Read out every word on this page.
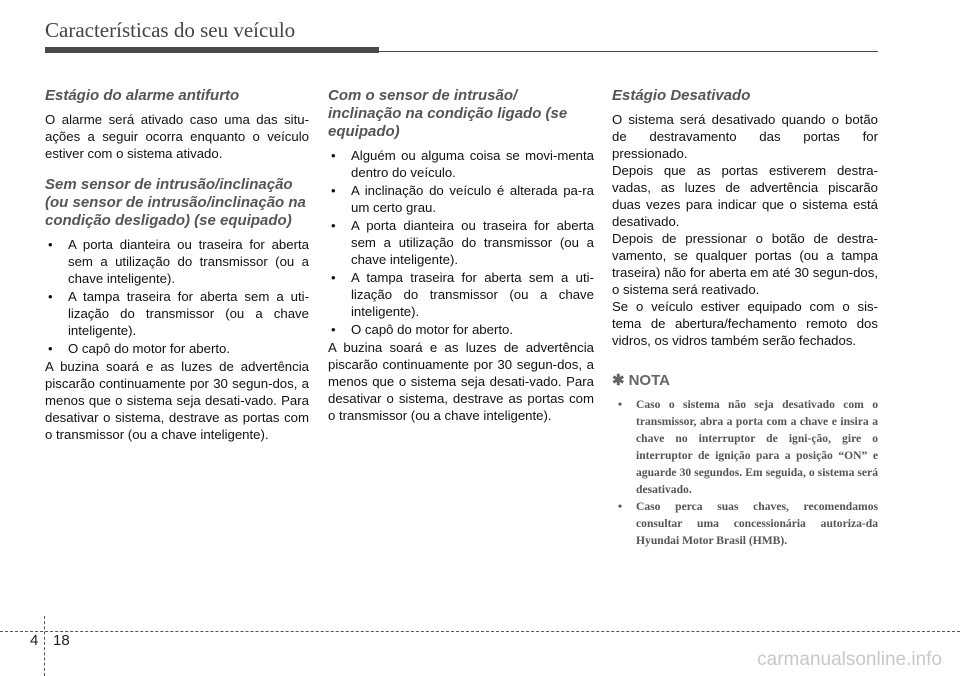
Características do seu veículo
Estágio do alarme antifurto

O alarme será ativado caso uma das situ-ações a seguir ocorra enquanto o veículo estiver com o sistema ativado.

Sem sensor de intrusão/inclinação (ou sensor de intrusão/inclinação na condição desligado) (se equipado)
• A porta dianteira ou traseira for aberta sem a utilização do transmissor (ou a chave inteligente).
• A tampa traseira for aberta sem a uti-lização do transmissor (ou a chave inteligente).
• O capô do motor for aberto.

A buzina soará e as luzes de advertência piscarão continuamente por 30 segun-dos, a menos que o sistema seja desati-vado. Para desativar o sistema, destrave as portas com o transmissor (ou a chave inteligente).

Com o sensor de intrusão/ inclinação na condição ligado (se equipado)
• Alguém ou alguma coisa se movi-menta dentro do veículo.
• A inclinação do veículo é alterada pa-ra um certo grau.
• A porta dianteira ou traseira for aberta sem a utilização do transmissor (ou a chave inteligente).
• A tampa traseira for aberta sem a uti-lização do transmissor (ou a chave inteligente).
• O capô do motor for aberto.

A buzina soará e as luzes de advertência piscarão continuamente por 30 segun-dos, a menos que o sistema seja desati-vado. Para desativar o sistema, destrave as portas com o transmissor (ou a chave inteligente).

Estágio Desativado

O sistema será desativado quando o botão de destravamento das portas for pressionado.

Depois que as portas estiverem destra-vadas, as luzes de advertência piscarão duas vezes para indicar que o sistema está desativado.

Depois de pressionar o botão de destra-vamento, se qualquer portas (ou a tampa traseira) não for aberta em até 30 segun-dos, o sistema será reativado.

Se o veículo estiver equipado com o sis-tema de abertura/fechamento remoto dos vidros, os vidros também serão fechados.

✱ NOTA
• Caso o sistema não seja desativado com o transmissor, abra a porta com a chave e insira a chave no interruptor de igni-ção, gire o interruptor de ignição para a posição “ON” e aguarde 30 segundos. Em seguida, o sistema será desativado.
• Caso perca suas chaves, recomendamos consultar uma concessionária autoriza-da Hyundai Motor Brasil (HMB).
4 18
carmanualsonline.info
